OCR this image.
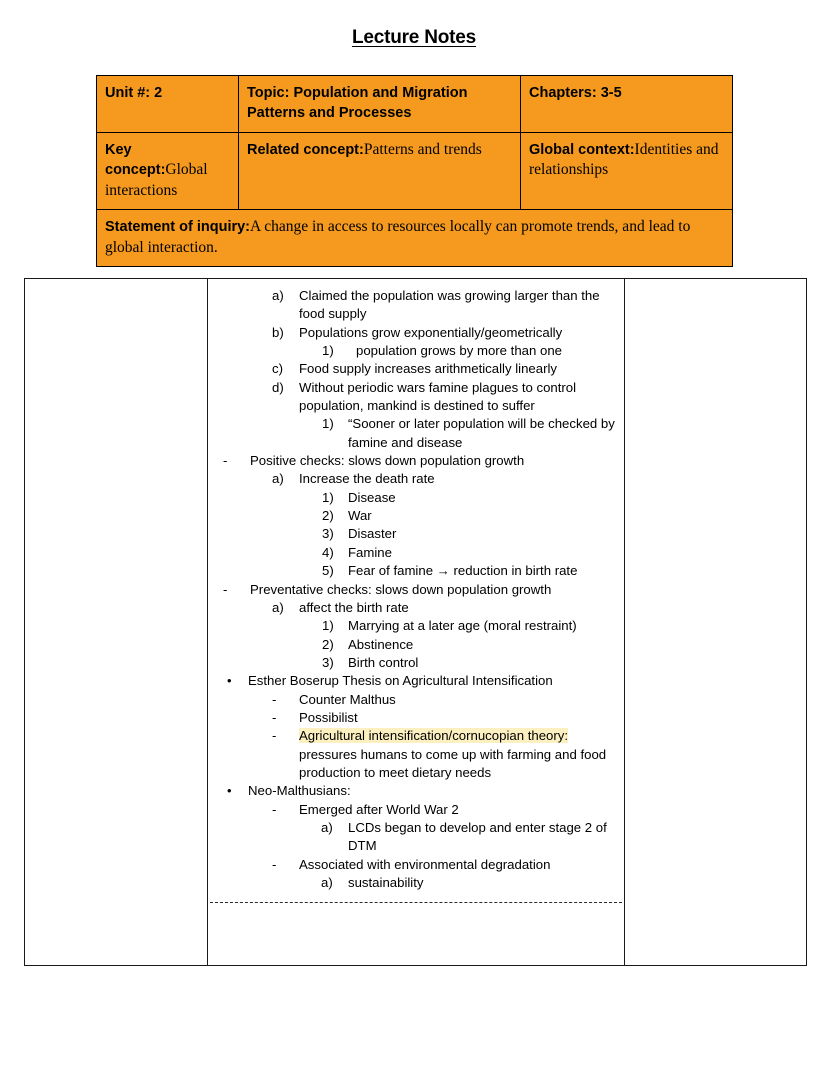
Lecture Notes
Unit #: 2	Topic: Population and Migration Patterns and Processes	Chapters: 3-5
Key concept:Global interactions	Related concept:Patterns and trends	Global context:Identities and relationships
Statement of inquiry:A change in access to resources locally can promote trends, and lead to global interaction.		

a) Claimed the population was growing larger than the food supply
b) Populations grow exponentially/geometrically
1) population grows by more than one
c) Food supply increases arithmetically linearly
d) Without periodic wars famine plagues to control population, mankind is destined to suffer
1) “Sooner or later population will be checked by famine and disease
- Positive checks: slows down population growth
a) Increase the death rate
1) Disease
2) War
3) Disaster
4) Famine
5) Fear of famine → reduction in birth rate
- Preventative checks: slows down population growth
a) affect the birth rate
1) Marrying at a later age (moral restraint)
2) Abstinence
3) Birth control
• Esther Boserup Thesis on Agricultural Intensification
- Counter Malthus
- Possibilist
- Agricultural intensification/cornucopian theory: pressures humans to come up with farming and food production to meet dietary needs
• Neo-Malthusians:
- Emerged after World War 2
a) LCDs began to develop and enter stage 2 of DTM
- Associated with environmental degradation
a) sustainability
